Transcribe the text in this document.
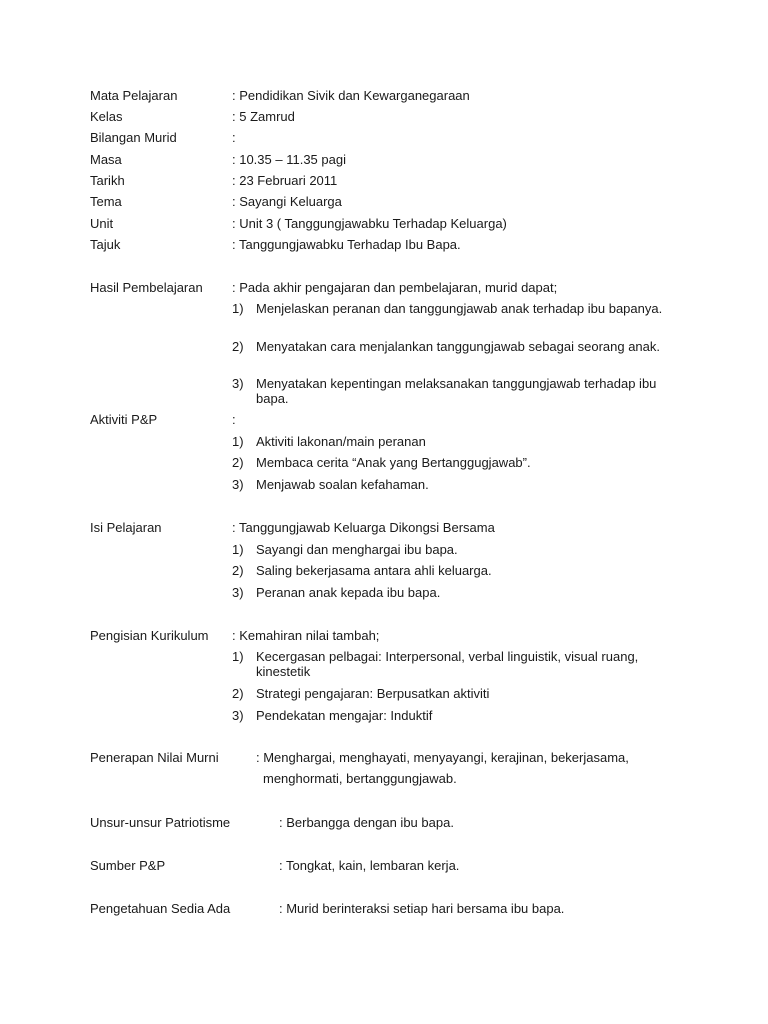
Mata Pelajaran	: Pendidikan Sivik dan Kewarganegaraan
Kelas	: 5 Zamrud
Bilangan Murid	:
Masa	: 10.35 – 11.35 pagi
Tarikh	: 23 Februari 2011
Tema	: Sayangi Keluarga
Unit	: Unit 3 ( Tanggungjawabku Terhadap Keluarga)
Tajuk	: Tanggungjawabku Terhadap Ibu Bapa.
Hasil Pembelajaran : Pada akhir pengajaran dan pembelajaran, murid dapat;
1) Menjelaskan peranan dan tanggungjawab anak terhadap ibu bapanya.
2) Menyatakan cara menjalankan tanggungjawab sebagai seorang anak.
3) Menyatakan kepentingan melaksanakan tanggungjawab terhadap ibu bapa.
Aktiviti P&P	:
1) Aktiviti lakonan/main peranan
2) Membaca cerita “Anak yang Bertanggugjawab”.
3) Menjawab soalan kefahaman.
Isi Pelajaran	: Tanggungjawab Keluarga Dikongsi Bersama
1) Sayangi dan menghargai ibu bapa.
2) Saling bekerjasama antara ahli keluarga.
3) Peranan anak kepada ibu bapa.
Pengisian Kurikulum : Kemahiran nilai tambah;
1) Kecergasan pelbagai: Interpersonal, verbal linguistik, visual ruang, kinestetik
2) Strategi pengajaran: Berpusatkan aktiviti
3) Pendekatan mengajar: Induktif
Penerapan Nilai Murni	: Menghargai, menghayati, menyayangi, kerajinan, bekerjasama,
menghormati, bertanggungjawab.
Unsur-unsur Patriotisme	: Berbangga dengan ibu bapa.
Sumber P&P	: Tongkat, kain, lembaran kerja.
Pengetahuan Sedia Ada	: Murid berinteraksi setiap hari bersama ibu bapa.
